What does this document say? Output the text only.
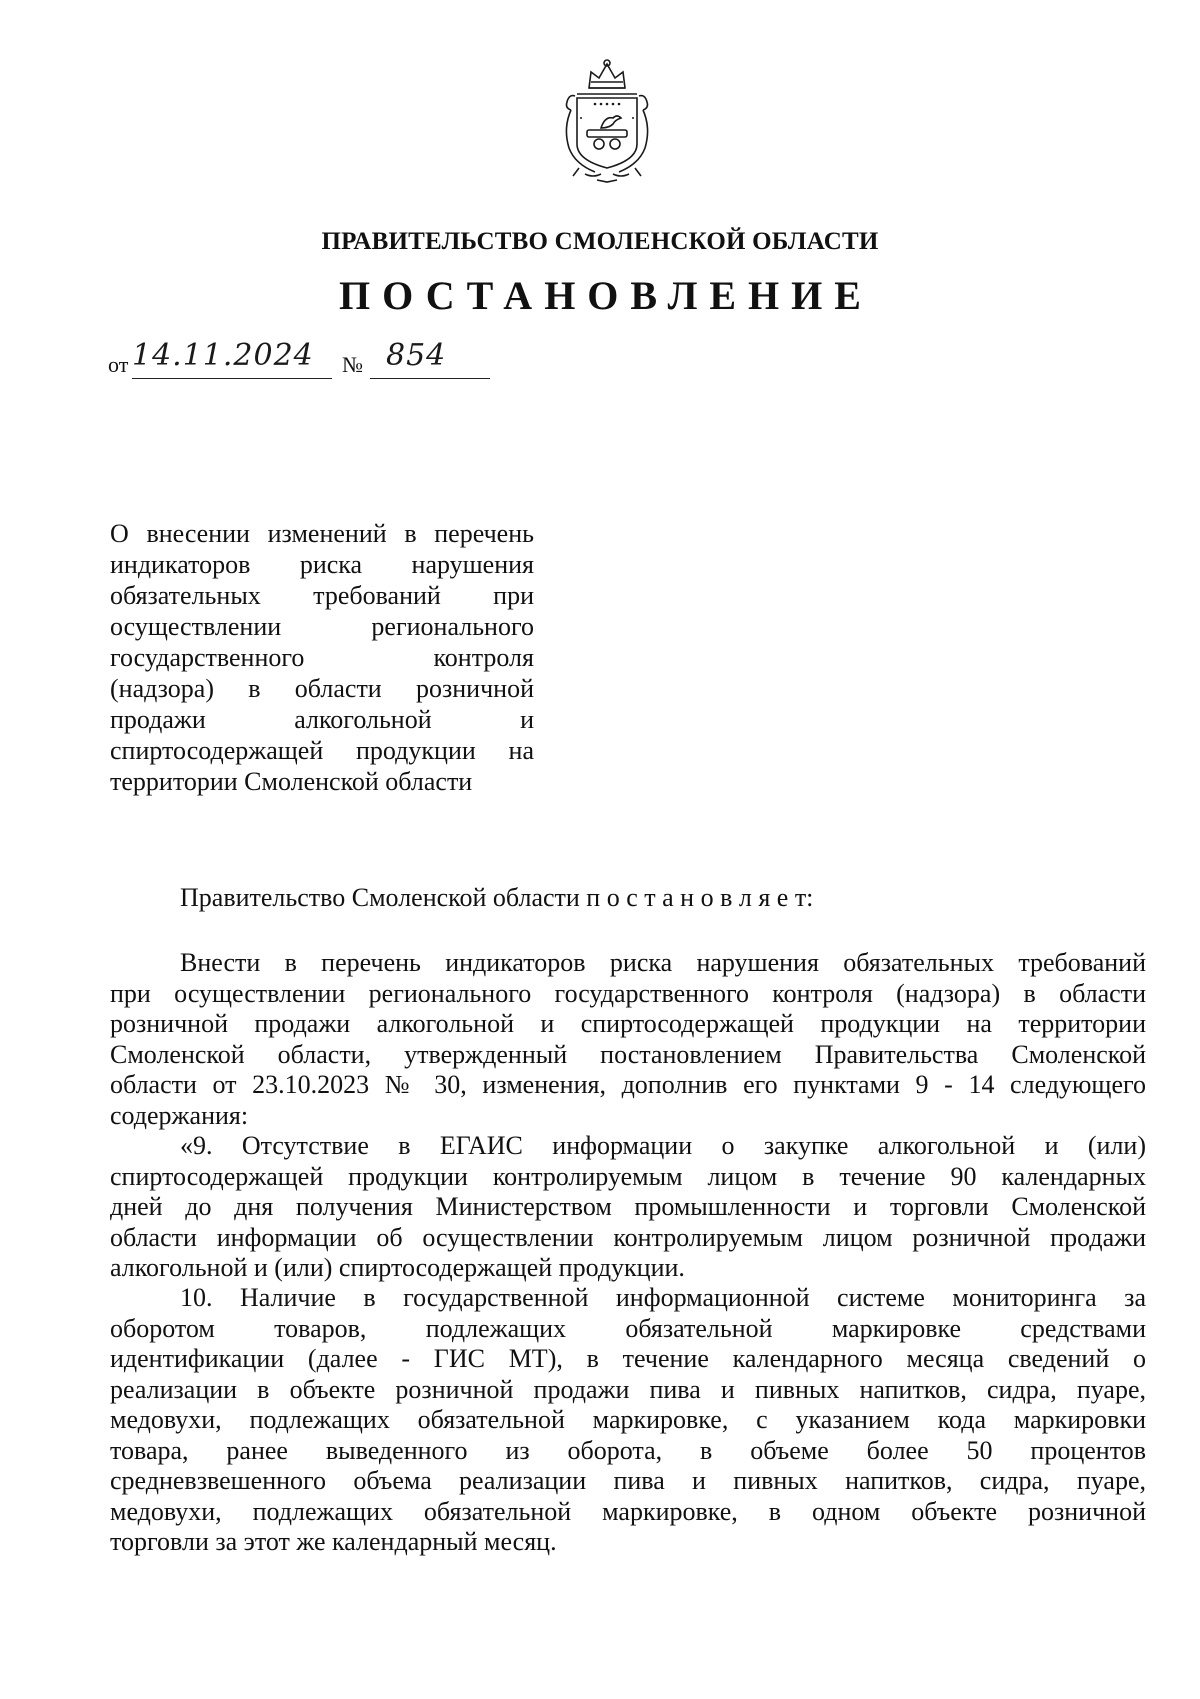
ПРАВИТЕЛЬСТВО СМОЛЕНСКОЙ ОБЛАСТИ
ПОСТАНОВЛЕНИЕ
от 14.11.2024 № 854
О внесении изменений в перечень
индикаторов риска нарушения
обязательных требований при
осуществлении регионального
государственного контроля
(надзора) в области розничной
продажи алкогольной и
спиртосодержащей продукции на
территории Смоленской области
Правительство Смоленской области п о с т а н о в л я е т:
Внести в перечень индикаторов риска нарушения обязательных требований
при осуществлении регионального государственного контроля (надзора) в области
розничной продажи алкогольной и спиртосодержащей продукции на территории
Смоленской области, утвержденный постановлением Правительства Смоленской
области от 23.10.2023 № 30, изменения, дополнив его пунктами 9 - 14 следующего
содержания:
«9. Отсутствие в ЕГАИС информации о закупке алкогольной и (или)
спиртосодержащей продукции контролируемым лицом в течение 90 календарных
дней до дня получения Министерством промышленности и торговли Смоленской
области информации об осуществлении контролируемым лицом розничной продажи
алкогольной и (или) спиртосодержащей продукции.
10. Наличие в государственной информационной системе мониторинга за
оборотом товаров, подлежащих обязательной маркировке средствами
идентификации (далее - ГИС МТ), в течение календарного месяца сведений о
реализации в объекте розничной продажи пива и пивных напитков, сидра, пуаре,
медовухи, подлежащих обязательной маркировке, с указанием кода маркировки
товара, ранее выведенного из оборота, в объеме более 50 процентов
средневзвешенного объема реализации пива и пивных напитков, сидра, пуаре,
медовухи, подлежащих обязательной маркировке, в одном объекте розничной
торговли за этот же календарный месяц.
